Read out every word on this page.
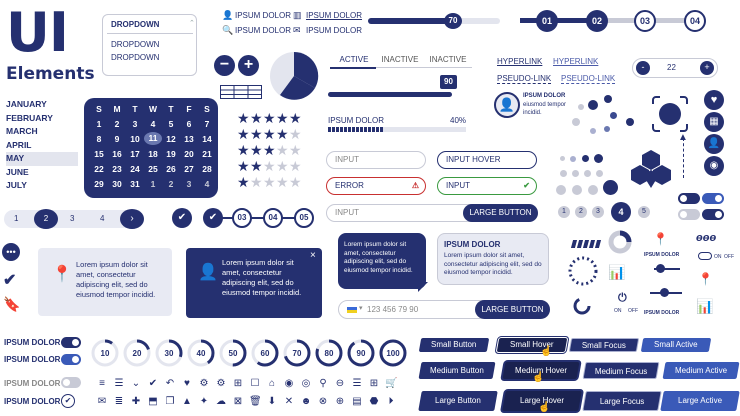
UI
Elements
DROPDOWN	⌃
DROPDOWN
DROPDOWN
👤 IPSUM DOLOR
🔍 IPSUM DOLOR
▥ IPSUM DOLOR
✉ IPSUM DOLOR
70	01	02	03	04
− +	ACTIVE	INACTIVE	INACTIVE	HYPERLINK HYPERLINK
PSEUDO-LINK PSEUDO-LINK
-	22	+
JANUARY
FEBRUARY
MARCH
APRIL
MAY
JUNE
JULY
S	M	T	W	T	F	S
1	2	3	4	5	6	7
8	9	10	11	12	13	14
15	16	17	18	19	20	21
22	23	24	25	26	27	28
29	30	31	1	2	3	4
90
IPSUM DOLOR	40%
👤
IPSUM DOLOR
eiusmod tempor
incidid.
♥
▦
👤
◉
▲
★ ★ ★ ★ ★
★ ★ ★ ★ ★
★ ★ ★ ★ ★
★ ★ ★ ★ ★
★ ★ ★ ★ ★
INPUT	INPUT HOVER
ERROR	⚠	INPUT	✔
INPUT	LARGE BUTTON
1	2	3	4	›	✔	✔	03	04	05
1	2	3	4	5
•••
✔
🔖
📍
Lorem ipsum dolor sit amet, consectetur adipiscing elit, sed do eiusmod tempor incidid.
👤
Lorem ipsum dolor sit amet, consectetur adipiscing elit, sed do eiusmod tempor incidid.
×
Lorem ipsum dolor sit amet, consectetur adipiscing elit, sed do eiusmod tempor incidid.
IPSUM DOLOR
Lorem ipsum dolor sit amet, consectetur adipiscing elit, sed do eiusmod tempor incidid.
▾ 123 456 79 90	LARGE BUTTON
📍
IPSUM DOLOR
ɵɵɵ
ON OFF
📊	📍
⏻
ON OFF IPSUM DOLOR 📊
IPSUM DOLOR
IPSUM DOLOR
IPSUM DOLOR
IPSUM DOLOR ✔
10	20	30	40	50	60	70	80	90	100
≡ ☰ ⌄ ✔ ↶ ♥ ⚙ ⚙ ⊞ ☐ ⌂ ◉ ◎ ⚲ ⊖ ☰ ⊞ 🛒
✉ ≣ ✚ ⬒ ❐ ▲ ✦ ☁ ⊠ 🗑 ⬇ ✕ ☻ ⊗ ⊕ ▤ ⬣	⏵
Small Button	Small Hover	Small Focus	Small Active
☝
Medium Button	Medium Hover	Medium Focus	Medium Active
☝
Large Button	Large Hover	Large Focus	Large Active
☝
